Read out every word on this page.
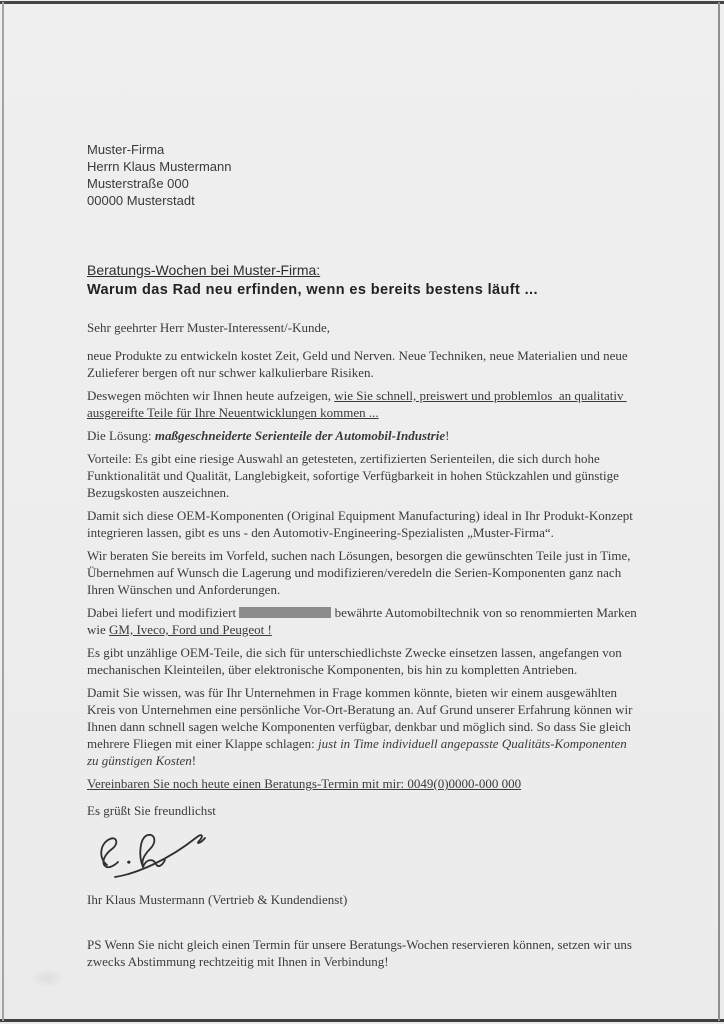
Muster-Firma
Herrn Klaus Mustermann
Musterstraße 000
00000 Musterstadt
Beratungs-Wochen bei Muster-Firma:
Warum das Rad neu erfinden, wenn es bereits bestens läuft ...

Sehr geehrter Herr Muster-Interessent/-Kunde,

neue Produkte zu entwickeln kostet Zeit, Geld und Nerven. Neue Techniken, neue Materialien und neue Zulieferer bergen oft nur schwer kalkulierbare Risiken.

Deswegen möchten wir Ihnen heute aufzeigen, wie Sie schnell, preiswert und problemlos  an qualitativ ausgereifte Teile für Ihre Neuentwicklungen kommen ...

Die Lösung: maßgeschneiderte Serienteile der Automobil-Industrie!

Vorteile: Es gibt eine riesige Auswahl an getesteten, zertifizierten Serienteilen, die sich durch hohe Funktionalität und Qualität, Langlebigkeit, sofortige Verfügbarkeit in hohen Stückzahlen und günstige Bezugskosten auszeichnen.

Damit sich diese OEM-Komponenten (Original Equipment Manufacturing) ideal in Ihr Produkt-Konzept integrieren lassen, gibt es uns - den Automotiv-Engineering-Spezialisten „Muster-Firma“.

Wir beraten Sie bereits im Vorfeld, suchen nach Lösungen, besorgen die gewünschten Teile just in Time, Übernehmen auf Wunsch die Lagerung und modifizieren/veredeln die Serien-Komponenten ganz nach Ihren Wünschen und Anforderungen.

Dabei liefert und modifiziert	bewährte Automobiltechnik von so renommierten Marken wie GM, Iveco, Ford und Peugeot !

Es gibt unzählige OEM-Teile, die sich für unterschiedlichste Zwecke einsetzen lassen, angefangen von mechanischen Kleinteilen, über elektronische Komponenten, bis hin zu kompletten Antrieben.

Damit Sie wissen, was für Ihr Unternehmen in Frage kommen könnte, bieten wir einem ausgewählten Kreis von Unternehmen eine persönliche Vor-Ort-Beratung an. Auf Grund unserer Erfahrung können wir Ihnen dann schnell sagen welche Komponenten verfügbar, denkbar und möglich sind. So dass Sie gleich mehrere Fliegen mit einer Klappe schlagen: just in Time individuell angepasste Qualitäts-Komponenten zu günstigen Kosten!

Vereinbaren Sie noch heute einen Beratungs-Termin mit mir: 0049(0)0000-000 000

Es grüßt Sie freundlichst

Ihr Klaus Mustermann (Vertrieb & Kundendienst)

PS Wenn Sie nicht gleich einen Termin für unsere Beratungs-Wochen reservieren können, setzen wir uns zwecks Abstimmung rechtzeitig mit Ihnen in Verbindung!
